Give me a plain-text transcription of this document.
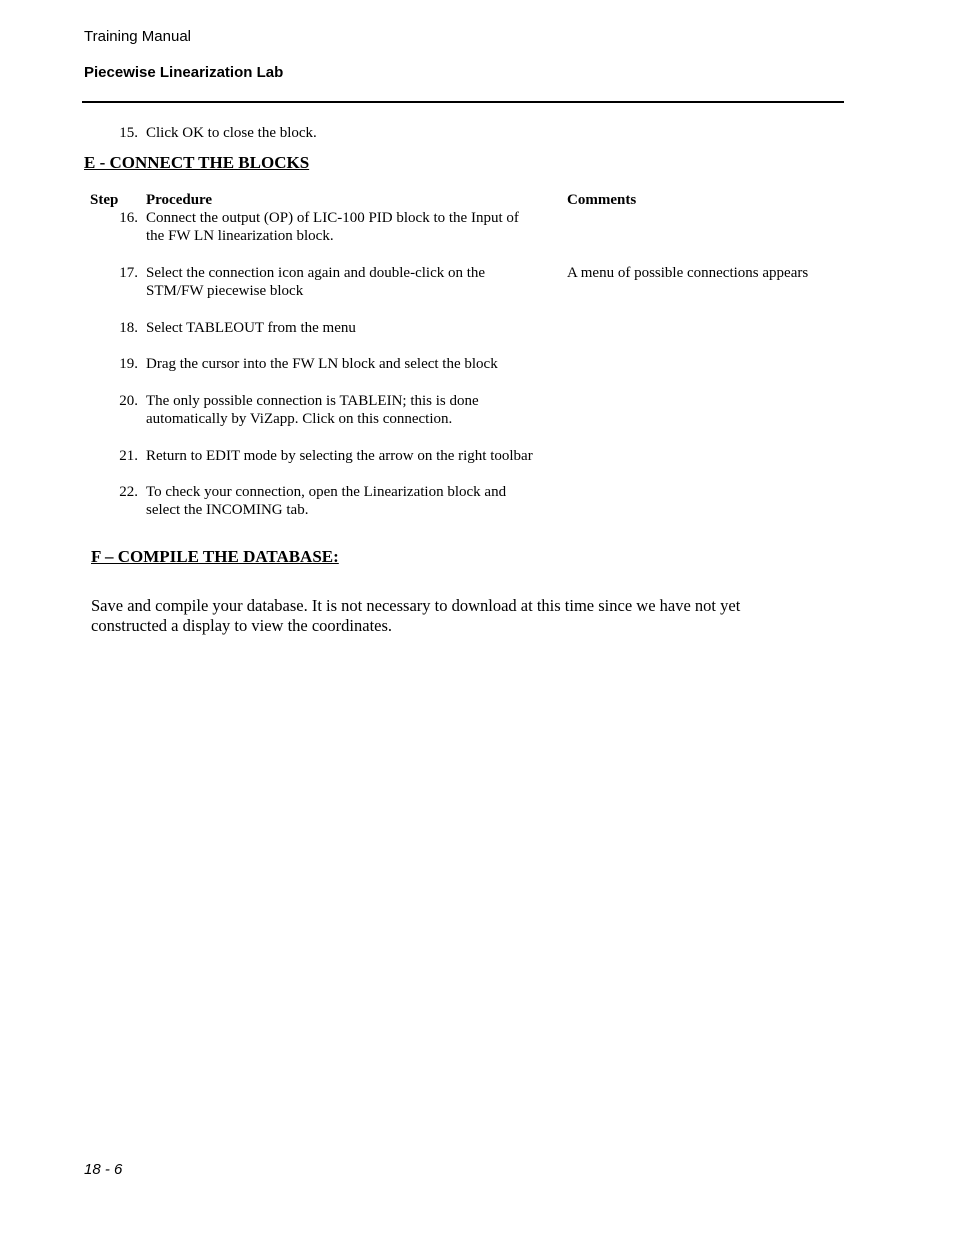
Training Manual
Piecewise Linearization Lab
15. Click OK to close the block.
E - CONNECT THE BLOCKS
Step Procedure	Comments
16. Connect the output (OP) of LIC-100 PID block to the Input of
the FW LN linearization block.
17. Select the connection icon again and double-click on the
STM/FW piecewise block
A menu of possible connections appears
18. Select TABLEOUT from the menu
19. Drag the cursor into the FW LN block and select the block
20. The only possible connection is TABLEIN; this is done
automatically by ViZapp. Click on this connection.
21. Return to EDIT mode by selecting the arrow on the right toolbar
22. To check your connection, open the Linearization block and
select the INCOMING tab.
F – COMPILE THE DATABASE:
Save and compile your database. It is not necessary to download at this time since we have not yet constructed a display to view the coordinates.
18 - 6
